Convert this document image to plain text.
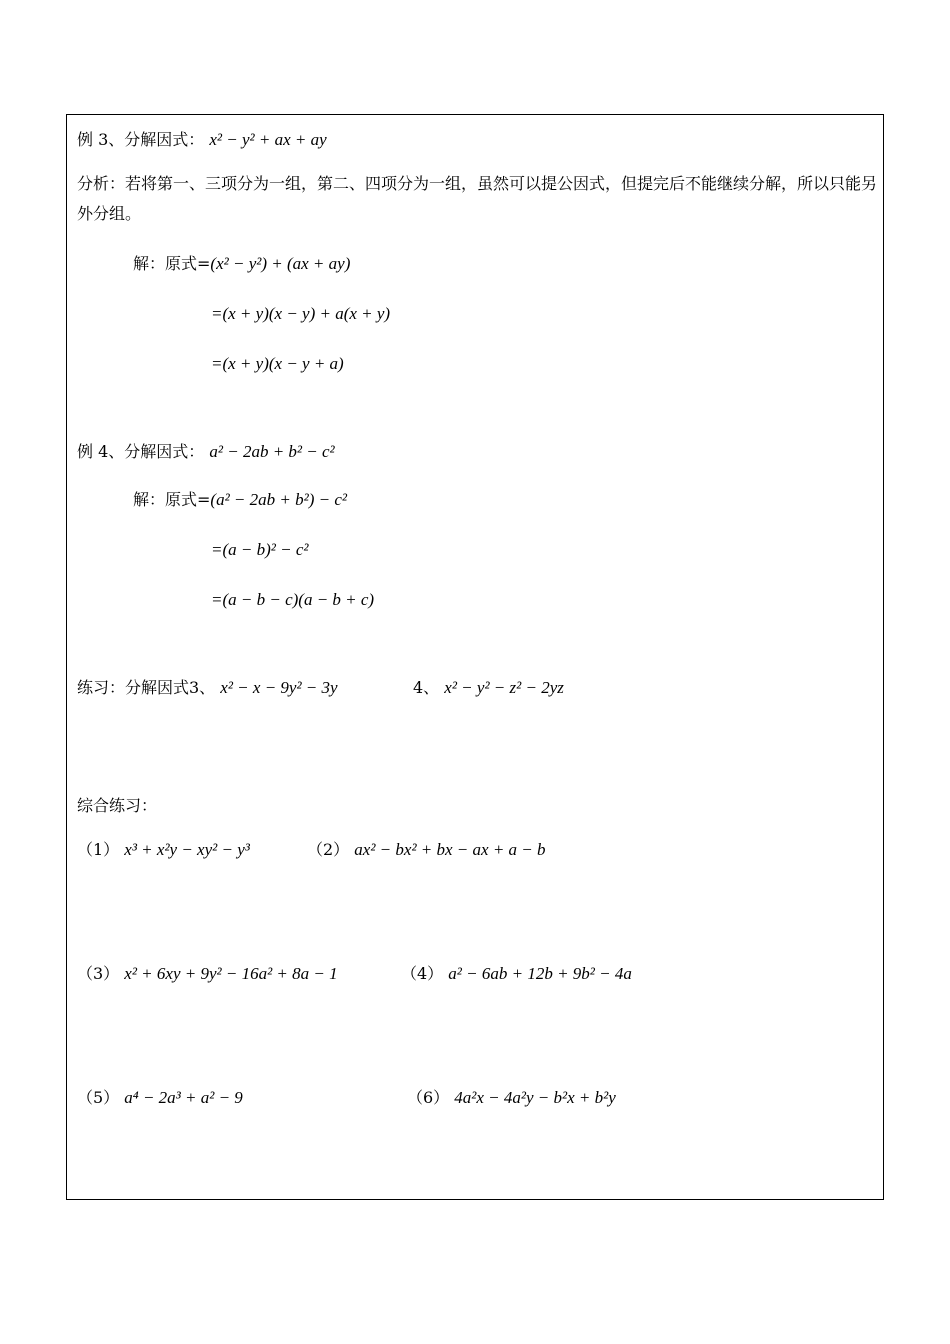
例 3、分解因式： x² − y² + ax + ay
分析：若将第一、三项分为一组，第二、四项分为一组，虽然可以提公因式，但提完后不能继续分解，所以只能另外分组。
解：原式=(x² − y²) + (ax + ay)
=(x + y)(x − y) + a(x + y)
=(x + y)(x − y + a)
例 4、分解因式： a² − 2ab + b² − c²
解：原式=(a² − 2ab + b²) − c²
=(a − b)² − c²
=(a − b − c)(a − b + c)
练习：分解因式3、 x² − x − 9y² − 3y	4、 x² − y² − z² − 2yz
综合练习：
（1） x³ + x²y − xy² − y³	（2） ax² − bx² + bx − ax + a − b
（3） x² + 6xy + 9y² − 16a² + 8a − 1	（4） a² − 6ab + 12b + 9b² − 4a
（5） a⁴ − 2a³ + a² − 9	（6） 4a²x − 4a²y − b²x + b²y
